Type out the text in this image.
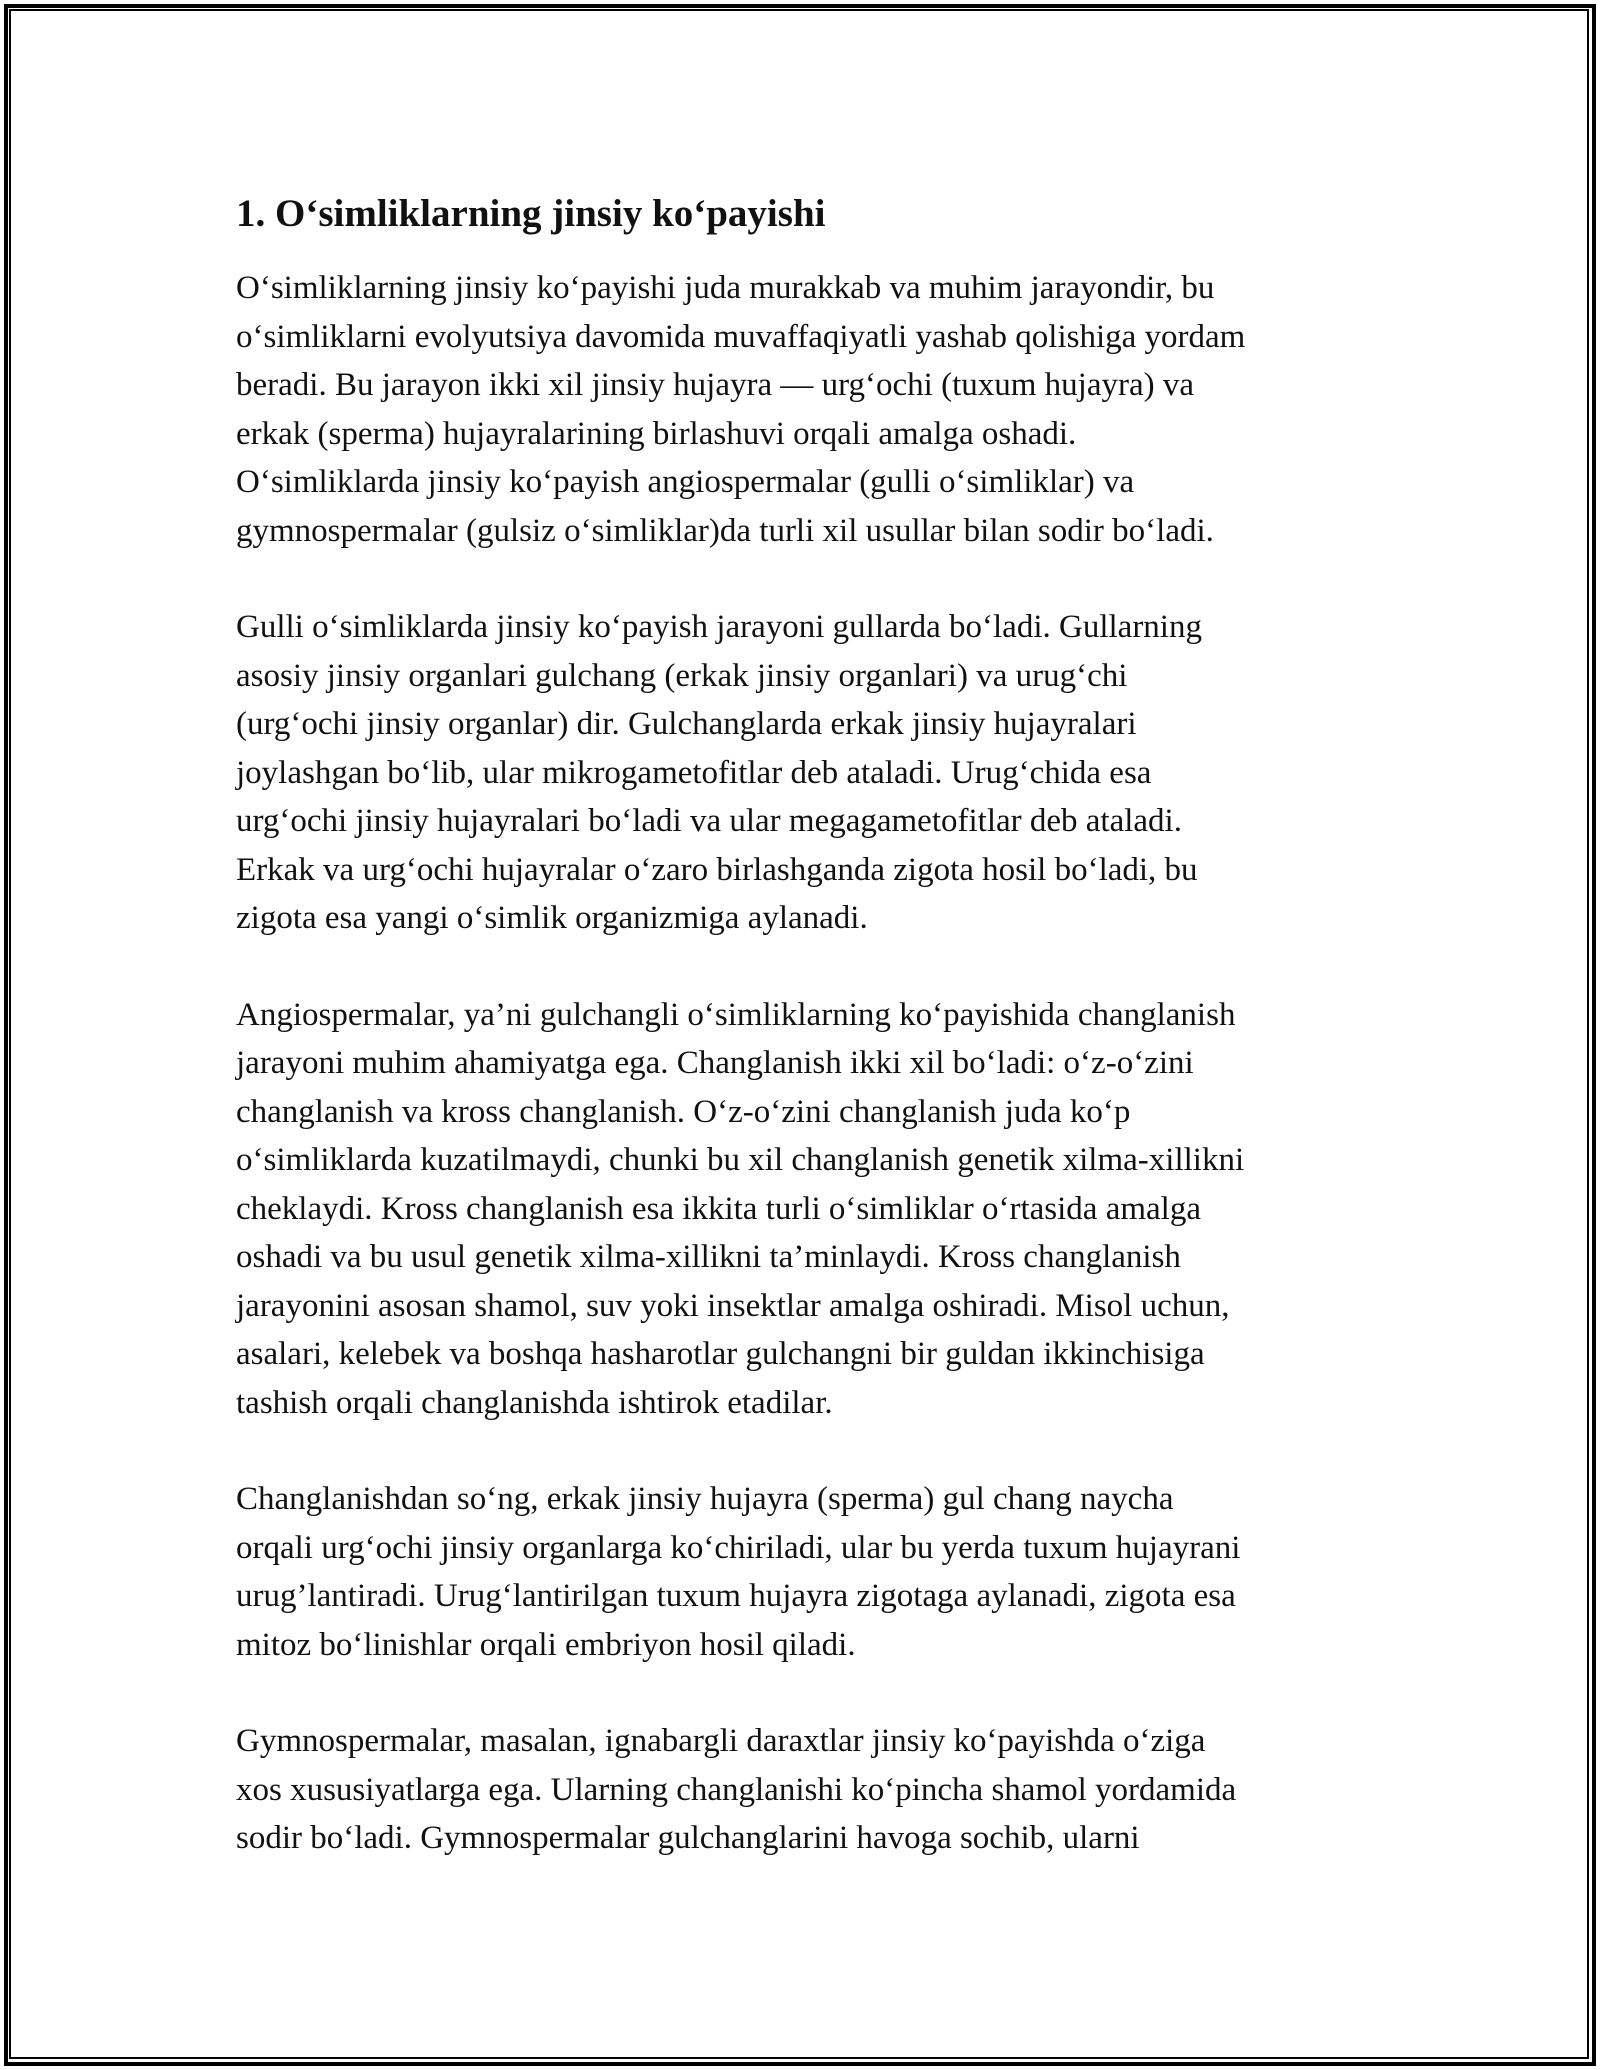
1. O‘simliklarning jinsiy ko‘payishi

O‘simliklarning jinsiy ko‘payishi juda murakkab va muhim jarayondir, bu
o‘simliklarni evolyutsiya davomida muvaffaqiyatli yashab qolishiga yordam
beradi. Bu jarayon ikki xil jinsiy hujayra — urg‘ochi (tuxum hujayra) va
erkak (sperma) hujayralarining birlashuvi orqali amalga oshadi.
O‘simliklarda jinsiy ko‘payish angiospermalar (gulli o‘simliklar) va
gymnospermalar (gulsiz o‘simliklar)da turli xil usullar bilan sodir bo‘ladi.

Gulli o‘simliklarda jinsiy ko‘payish jarayoni gullarda bo‘ladi. Gullarning
asosiy jinsiy organlari gulchang (erkak jinsiy organlari) va urug‘chi
(urg‘ochi jinsiy organlar) dir. Gulchanglarda erkak jinsiy hujayralari
joylashgan bo‘lib, ular mikrogametofitlar deb ataladi. Urug‘chida esa
urg‘ochi jinsiy hujayralari bo‘ladi va ular megagametofitlar deb ataladi.
Erkak va urg‘ochi hujayralar o‘zaro birlashganda zigota hosil bo‘ladi, bu
zigota esa yangi o‘simlik organizmiga aylanadi.

Angiospermalar, ya’ni gulchangli o‘simliklarning ko‘payishida changlanish
jarayoni muhim ahamiyatga ega. Changlanish ikki xil bo‘ladi: o‘z-o‘zini
changlanish va kross changlanish. O‘z-o‘zini changlanish juda ko‘p
o‘simliklarda kuzatilmaydi, chunki bu xil changlanish genetik xilma-xillikni
cheklaydi. Kross changlanish esa ikkita turli o‘simliklar o‘rtasida amalga
oshadi va bu usul genetik xilma-xillikni ta’minlaydi. Kross changlanish
jarayonini asosan shamol, suv yoki insektlar amalga oshiradi. Misol uchun,
asalari, kelebek va boshqa hasharotlar gulchangni bir guldan ikkinchisiga
tashish orqali changlanishda ishtirok etadilar.

Changlanishdan so‘ng, erkak jinsiy hujayra (sperma) gul chang naycha
orqali urg‘ochi jinsiy organlarga ko‘chiriladi, ular bu yerda tuxum hujayrani
urug’lantiradi. Urug‘lantirilgan tuxum hujayra zigotaga aylanadi, zigota esa
mitoz bo‘linishlar orqali embriyon hosil qiladi.

Gymnospermalar, masalan, ignabargli daraxtlar jinsiy ko‘payishda o‘ziga
xos xususiyatlarga ega. Ularning changlanishi ko‘pincha shamol yordamida
sodir bo‘ladi. Gymnospermalar gulchanglarini havoga sochib, ularni
